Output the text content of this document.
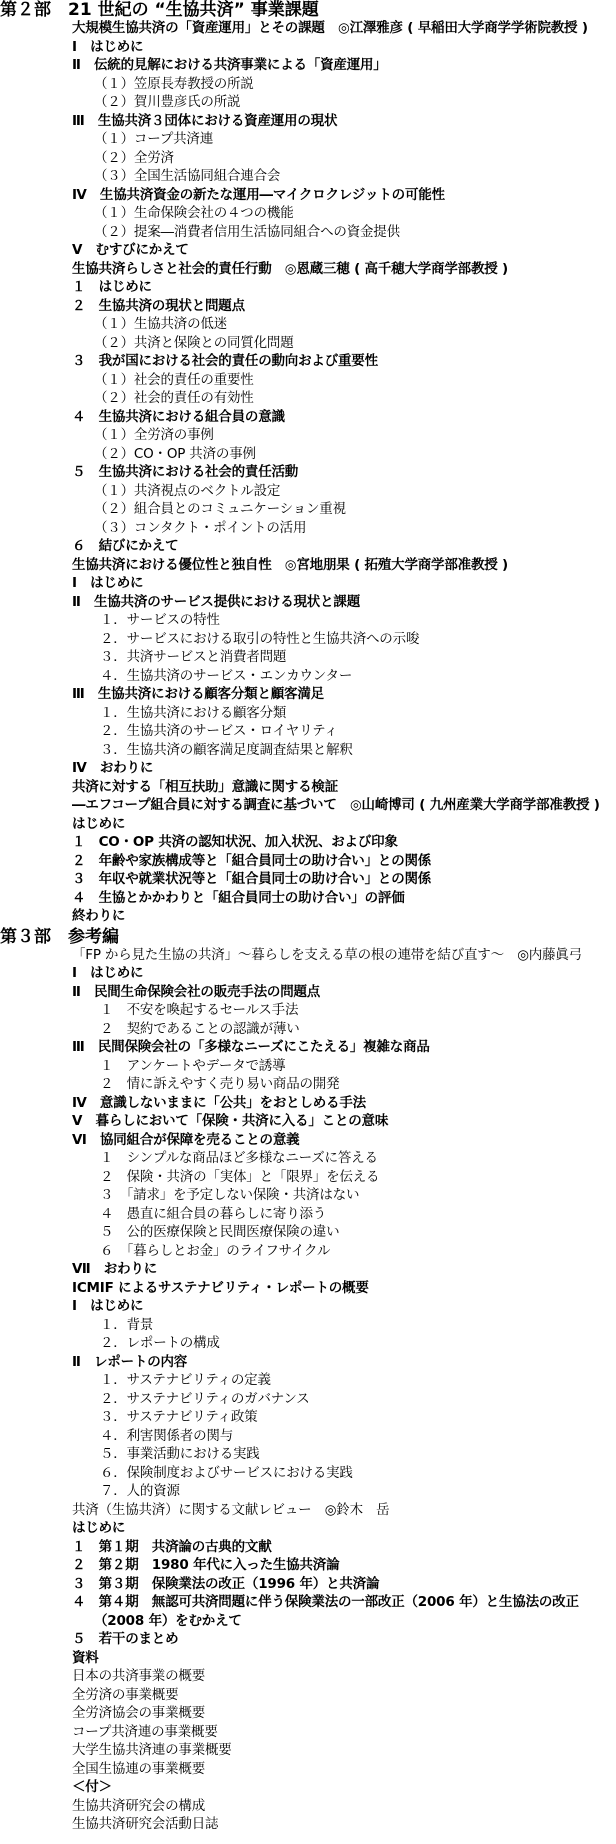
第２部　21 世紀の “生協共済” 事業課題
大規模生協共済の「資産運用」とその課題　◎江澤雅彦 ( 早稲田大学商学学術院教授 )
Ⅰ　はじめに
Ⅱ　伝統的見解における共済事業による「資産運用」
（１）笠原長寿教授の所説
（２）賀川豊彦氏の所説
Ⅲ　生協共済３団体における資産運用の現状
（１）コープ共済連
（２）全労済
（３）全国生活協同組合連合会
Ⅳ　生協共済資金の新たな運用―マイクロクレジットの可能性
（１）生命保険会社の４つの機能
（２）提案―消費者信用生活協同組合への資金提供
Ⅴ　むすびにかえて
生協共済らしさと社会的責任行動　◎恩蔵三穂 ( 高千穂大学商学部教授 )
１　はじめに
２　生協共済の現状と問題点
（１）生協共済の低迷
（２）共済と保険との同質化問題
３　我が国における社会的責任の動向および重要性
（１）社会的責任の重要性
（２）社会的責任の有効性
４　生協共済における組合員の意識
（１）全労済の事例
（２）CO・OP 共済の事例
５　生協共済における社会的責任活動
（１）共済視点のベクトル設定
（２）組合員とのコミュニケーション重視
（３）コンタクト・ポイントの活用
６　結びにかえて
生協共済における優位性と独自性　◎宮地朋果 ( 拓殖大学商学部准教授 )
Ⅰ　はじめに
Ⅱ　生協共済のサービス提供における現状と課題
１．サービスの特性
２．サービスにおける取引の特性と生協共済への示唆
３．共済サービスと消費者問題
４．生協共済のサービス・エンカウンター
Ⅲ　生協共済における顧客分類と顧客満足
１．生協共済における顧客分類
２．生協共済のサービス・ロイヤリティ
３．生協共済の顧客満足度調査結果と解釈
Ⅳ　おわりに
共済に対する「相互扶助」意識に関する検証
―エフコープ組合員に対する調査に基づいて　◎山崎博司 ( 九州産業大学商学部准教授 )
はじめに
１　CO・OP 共済の認知状況、加入状況、および印象
２　年齢や家族構成等と「組合員同士の助け合い」との関係
３　年収や就業状況等と「組合員同士の助け合い」との関係
４　生協とかかわりと「組合員同士の助け合い」の評価
終わりに
第３部　参考編
「FP から見た生協の共済」～暮らしを支える草の根の連帯を結び直す～　◎内藤眞弓
Ⅰ　はじめに
Ⅱ　民間生命保険会社の販売手法の問題点
１　不安を喚起するセールス手法
２　契約であることの認識が薄い
Ⅲ　民間保険会社の「多様なニーズにこたえる」複雑な商品
１　アンケートやデータで誘導
２　情に訴えやすく売り易い商品の開発
Ⅳ　意識しないままに「公共」をおとしめる手法
Ⅴ　暮らしにおいて「保険・共済に入る」ことの意味
Ⅵ　協同組合が保障を売ることの意義
１　シンプルな商品ほど多様なニーズに答える
２　保険・共済の「実体」と「限界」を伝える
３　「請求」を予定しない保険・共済はない
４　愚直に組合員の暮らしに寄り添う
５　公的医療保険と民間医療保険の違い
６　「暮らしとお金」のライフサイクル
Ⅶ　おわりに
ICMIF によるサステナビリティ・レポートの概要
Ⅰ　はじめに
１．背景
２．レポートの構成
Ⅱ　レポートの内容
１．サステナビリティの定義
２．サステナビリティのガバナンス
３．サステナビリティ政策
４．利害関係者の関与
５．事業活動における実践
６．保険制度およびサービスにおける実践
７．人的資源
共済（生協共済）に関する文献レビュー　◎鈴木　岳
はじめに
１　第１期　共済論の古典的文献
２　第２期　1980 年代に入った生協共済論
３　第３期　保険業法の改正（1996 年）と共済論
４　第４期　無認可共済問題に伴う保険業法の一部改正（2006 年）と生協法の改正
（2008 年）をむかえて
５　若干のまとめ
資料
日本の共済事業の概要
全労済の事業概要
全労済協会の事業概要
コープ共済連の事業概要
大学生協共済連の事業概要
全国生協連の事業概要
＜付＞
生協共済研究会の構成
生協共済研究会活動日誌
